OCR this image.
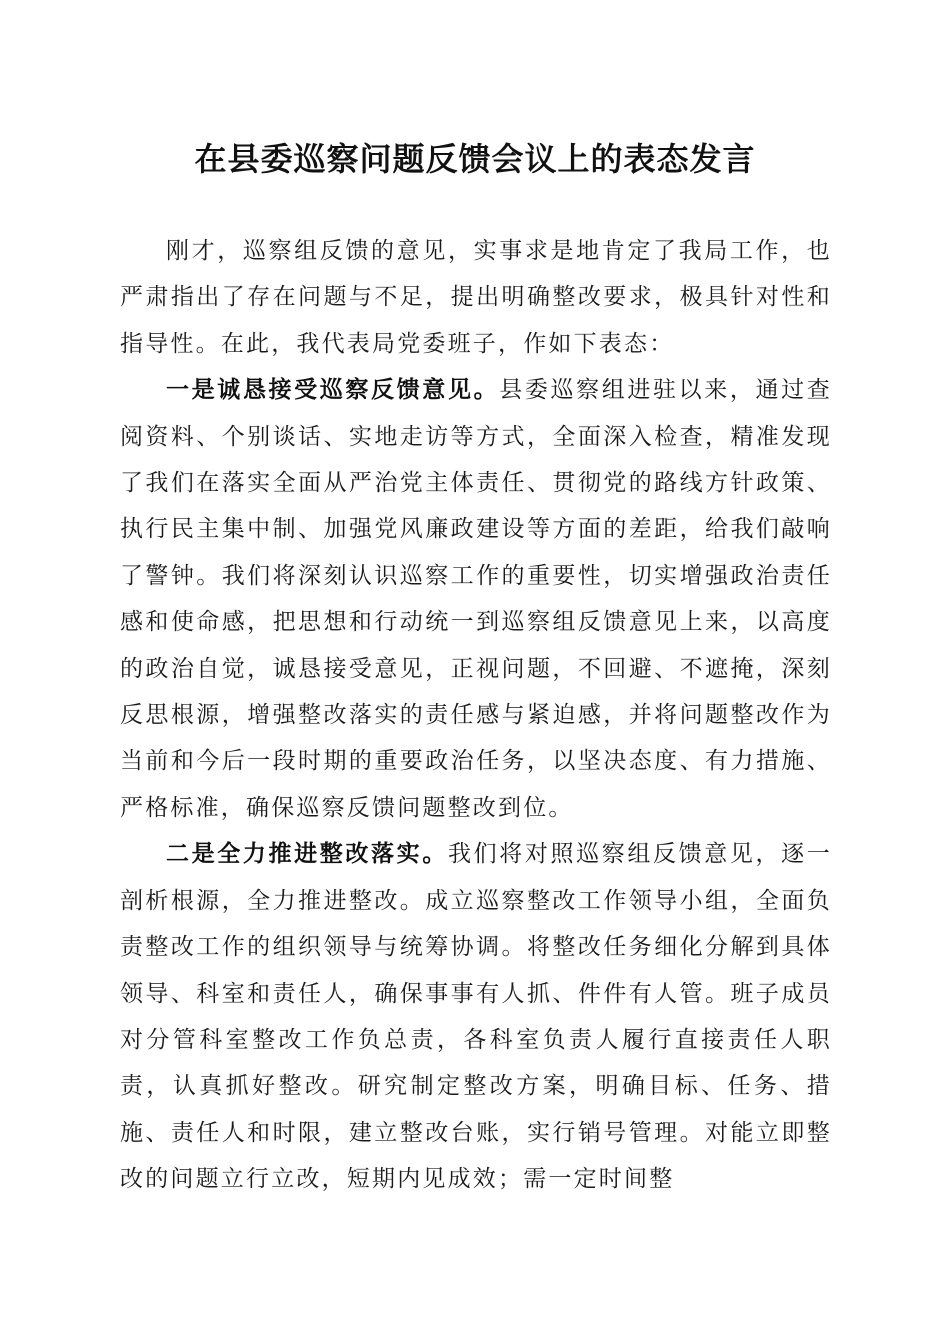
在县委巡察问题反馈会议上的表态发言

刚才，巡察组反馈的意见，实事求是地肯定了我局工作，也严肃指出了存在问题与不足，提出明确整改要求，极具针对性和指导性。在此，我代表局党委班子，作如下表态：

一是诚恳接受巡察反馈意见。县委巡察组进驻以来，通过查阅资料、个别谈话、实地走访等方式，全面深入检查，精准发现了我们在落实全面从严治党主体责任、贯彻党的路线方针政策、执行民主集中制、加强党风廉政建设等方面的差距，给我们敲响了警钟。我们将深刻认识巡察工作的重要性，切实增强政治责任感和使命感，把思想和行动统一到巡察组反馈意见上来，以高度的政治自觉，诚恳接受意见，正视问题，不回避、不遮掩，深刻反思根源，增强整改落实的责任感与紧迫感，并将问题整改作为当前和今后一段时期的重要政治任务，以坚决态度、有力措施、严格标准，确保巡察反馈问题整改到位。

二是全力推进整改落实。我们将对照巡察组反馈意见，逐一剖析根源，全力推进整改。成立巡察整改工作领导小组，全面负责整改工作的组织领导与统筹协调。将整改任务细化分解到具体领导、科室和责任人，确保事事有人抓、件件有人管。班子成员对分管科室整改工作负总责，各科室负责人履行直接责任人职责，认真抓好整改。研究制定整改方案，明确目标、任务、措施、责任人和时限，建立整改台账，实行销号管理。对能立即整改的问题立行立改，短期内见成效；需一定时间整
